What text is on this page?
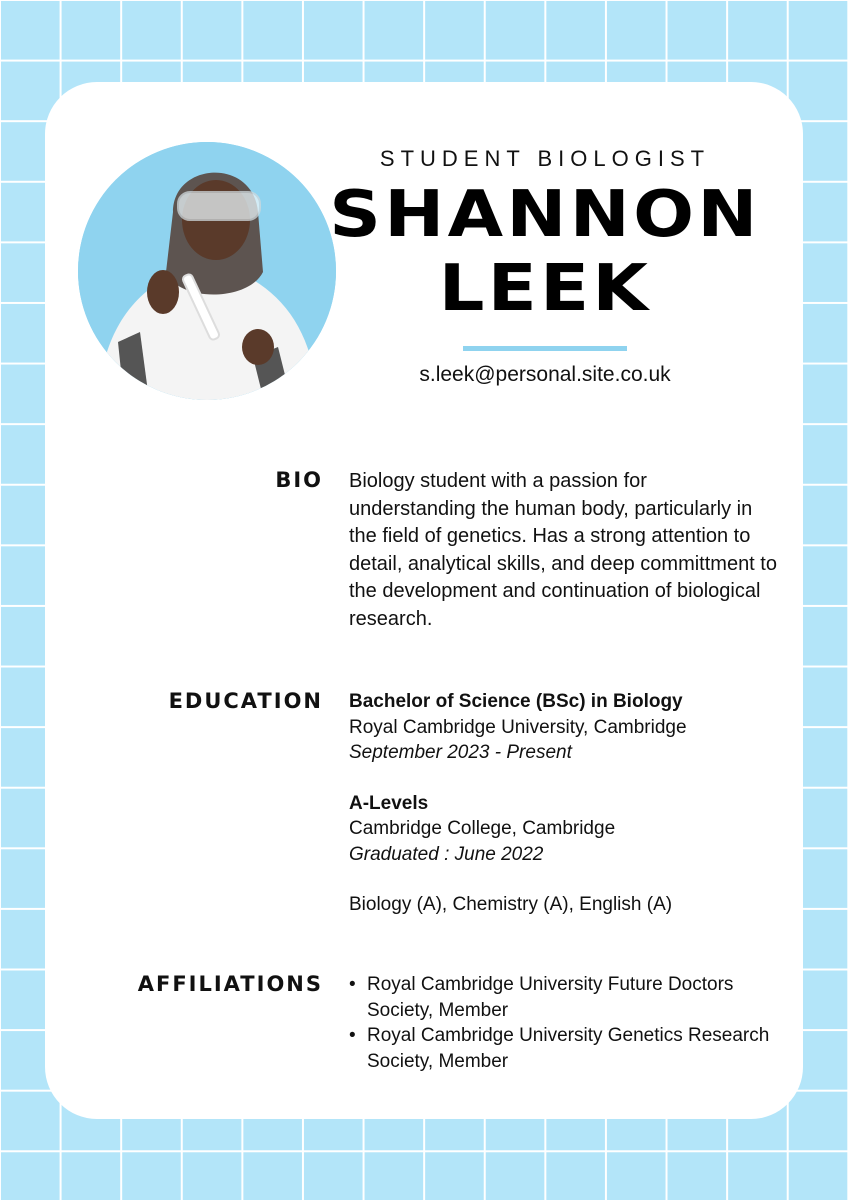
STUDENT BIOLOGIST

SHANNON
LEEK
s.leek@personal.site.co.uk
BIO Biology student with a passion for understanding the human body, particularly in the field of genetics. Has a strong attention to detail, analytical skills, and deep committment to the development and continuation of biological research.

EDUCATION Bachelor of Science (BSc) in Biology
Royal Cambridge University, Cambridge
September 2023 - Present
A-Levels
Cambridge College, Cambridge
Graduated : June 2022
Biology (A), Chemistry (A), English (A)
AFFILIATIONS
•	Royal Cambridge University Future Doctors Society, Member
• Royal Cambridge University Genetics Research Society, Member
